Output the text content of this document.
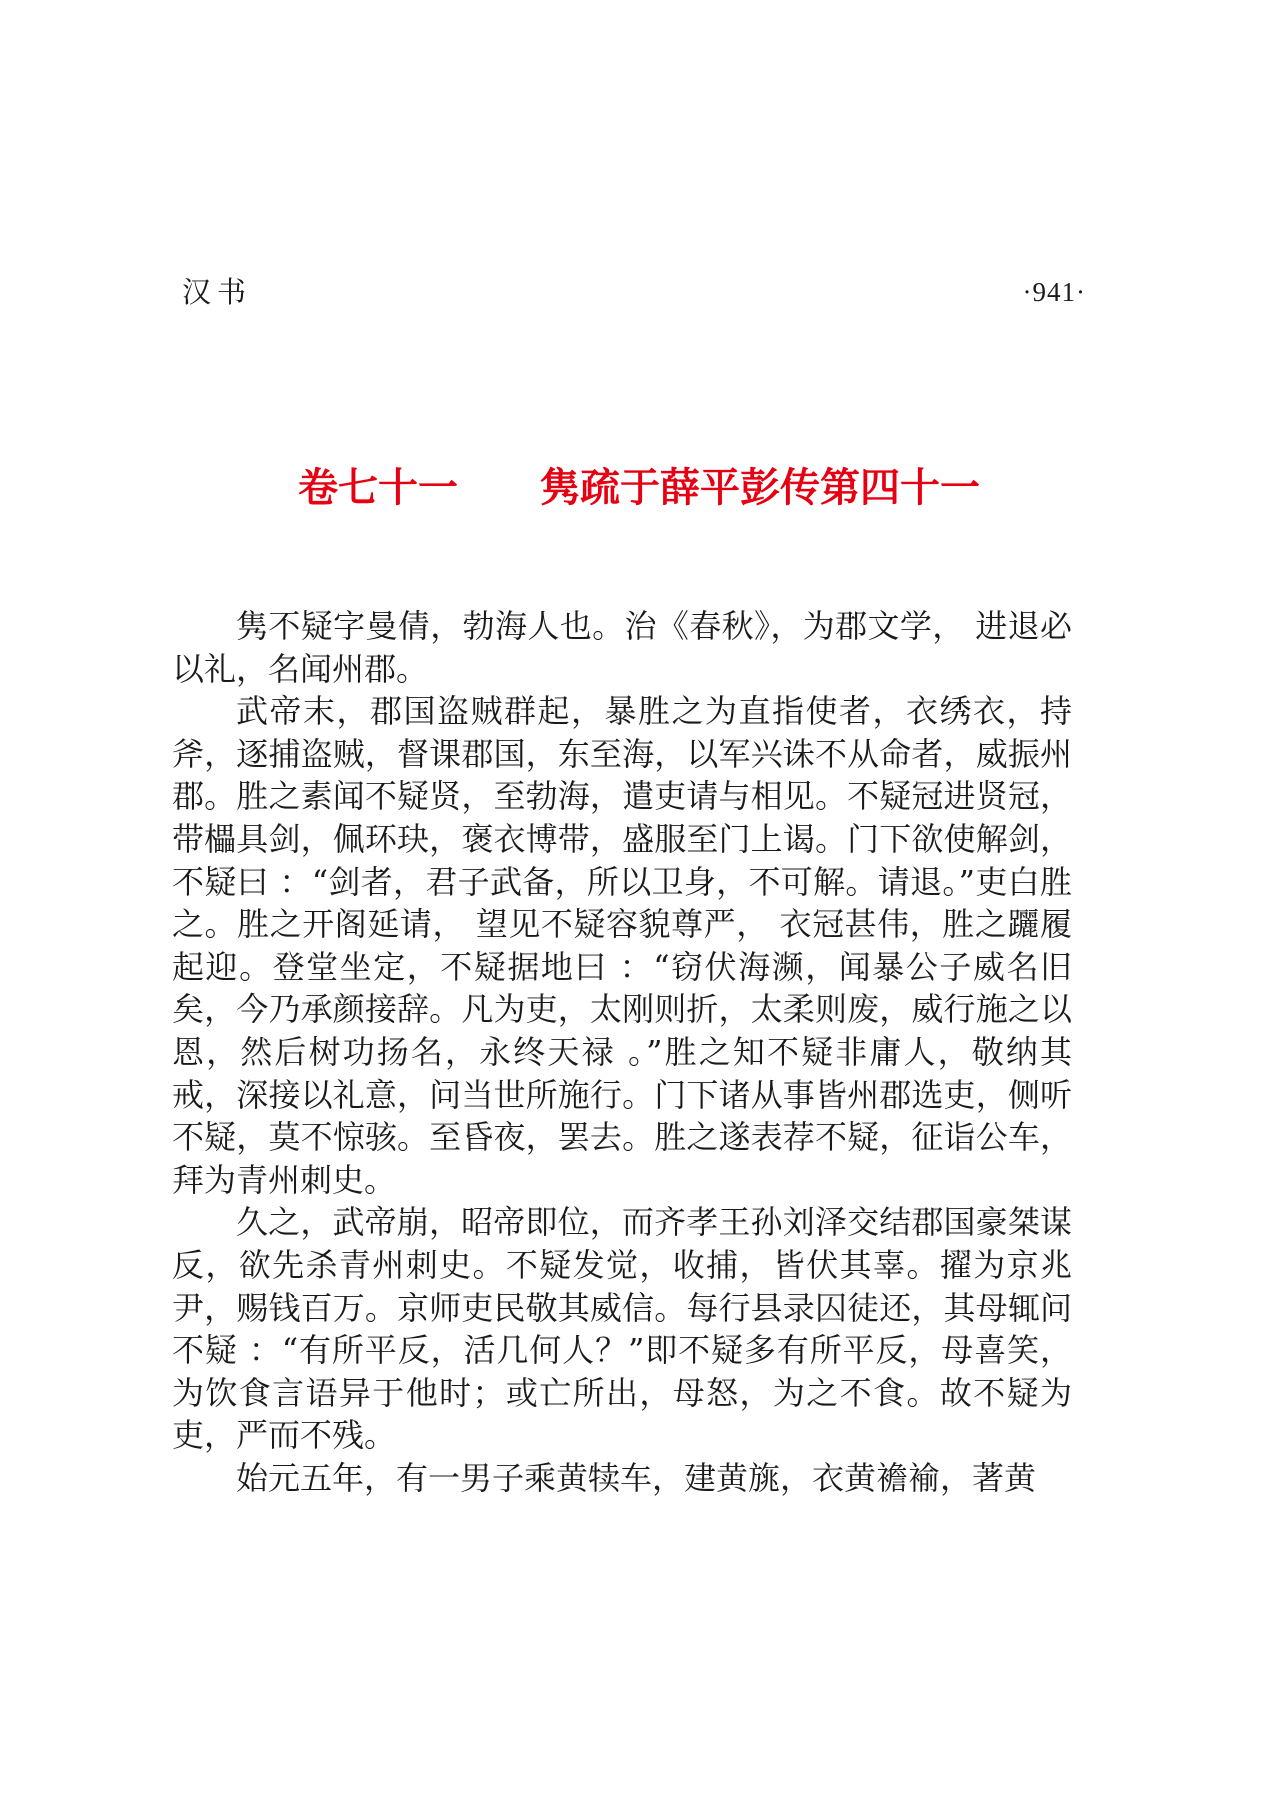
汉书	·941·
卷七十一 隽疏于薛平彭传第四十一

隽不疑字曼倩，勃海人也。治《春秋》，为郡文学， 进退必以礼，名闻州郡。

武帝末，郡国盗贼群起，暴胜之为直指使者，衣绣衣，持斧，逐捕盗贼，督课郡国，东至海，以军兴诛不从命者，威振州郡。胜之素闻不疑贤，至勃海，遣吏请与相见。不疑冠进贤冠，带櫑具剑，佩环玦，褒衣博带，盛服至门上谒。门下欲使解剑，不疑曰 ：“剑者，君子武备，所以卫身，不可解。请退。”吏白胜之。胜之开阁延请， 望见不疑容貌尊严， 衣冠甚伟，胜之躧履起迎。登堂坐定，不疑据地曰 ：“窃伏海濒，闻暴公子威名旧矣，今乃承颜接辞。凡为吏，太刚则折，太柔则废，威行施之以恩，然后树功扬名，永终天禄 。”胜之知不疑非庸人，敬纳其戒，深接以礼意，问当世所施行。门下诸从事皆州郡选吏，侧听不疑，莫不惊骇。至昏夜，罢去。胜之遂表荐不疑，征诣公车，拜为青州刺史。

久之，武帝崩，昭帝即位，而齐孝王孙刘泽交结郡国豪桀谋反，欲先杀青州刺史。不疑发觉，收捕，皆伏其辜。擢为京兆尹，赐钱百万。京师吏民敬其威信。每行县录囚徒还，其母辄问不疑 ：“有所平反，活几何人？”即不疑多有所平反，母喜笑，为饮食言语异于他时；或亡所出，母怒，为之不食。故不疑为吏，严而不残。

始元五年，有一男子乘黄犊车，建黄旐，衣黄襜褕，著黄
